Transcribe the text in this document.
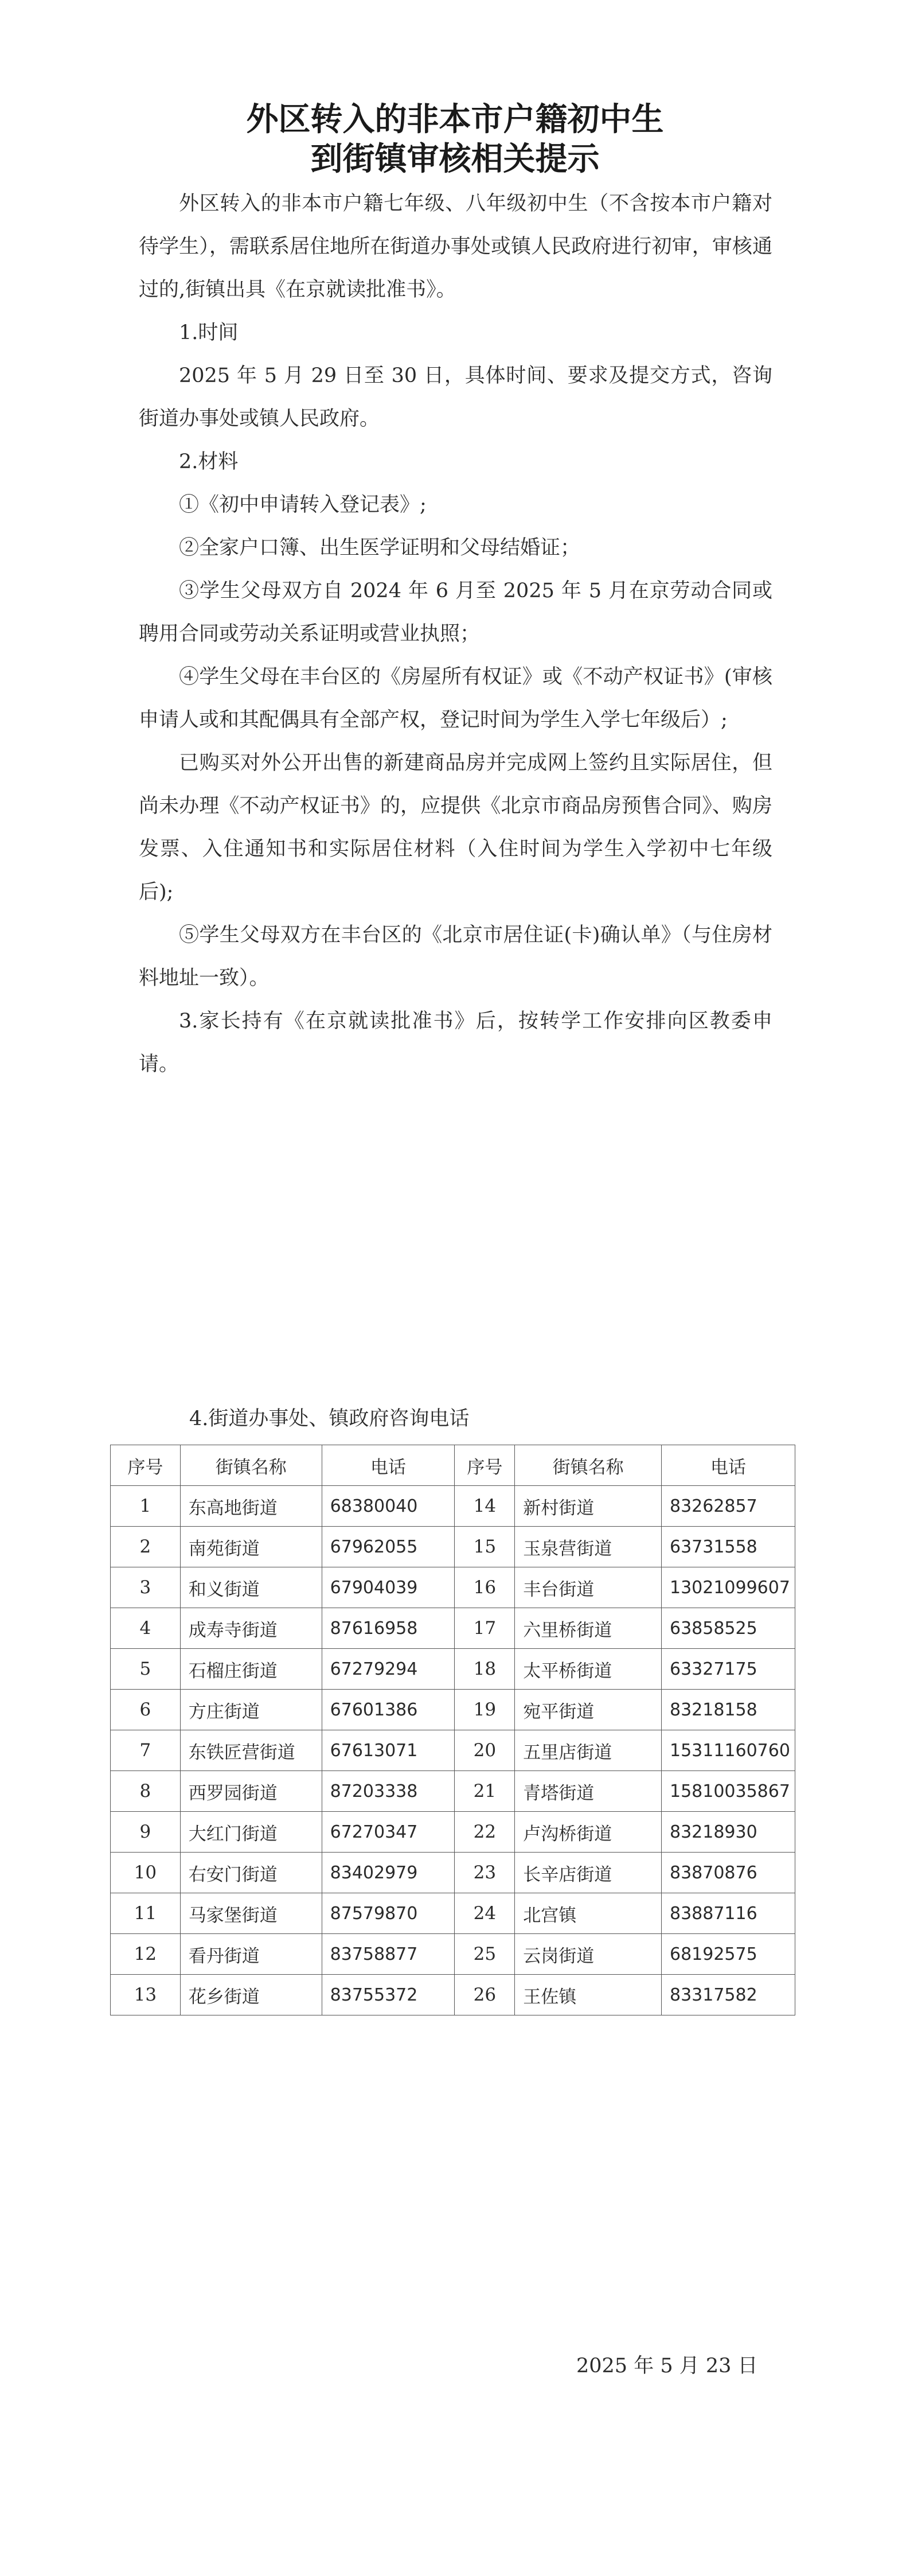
外区转入的非本市户籍初中生
到街镇审核相关提示

外区转入的非本市户籍七年级、八年级初中生（不含按本市户籍对待学生），需联系居住地所在街道办事处或镇人民政府进行初审，审核通过的,街镇出具《在京就读批准书》。

1.时间

2025 年 5 月 29 日至 30 日，具体时间、要求及提交方式，咨询街道办事处或镇人民政府。

2.材料

①《初中申请转入登记表》;

②全家户口簿、出生医学证明和父母结婚证；

③学生父母双方自 2024 年 6 月至 2025 年 5 月在京劳动合同或聘用合同或劳动关系证明或营业执照；

④学生父母在丰台区的《房屋所有权证》或《不动产权证书》(审核申请人或和其配偶具有全部产权，登记时间为学生入学七年级后）;

已购买对外公开出售的新建商品房并完成网上签约且实际居住，但尚未办理《不动产权证书》的，应提供《北京市商品房预售合同》、购房发票、入住通知书和实际居住材料（入住时间为学生入学初中七年级后);

⑤学生父母双方在丰台区的《北京市居住证(卡)确认单》（与住房材料地址一致）。

3.家长持有《在京就读批准书》后，按转学工作安排向区教委申请。

4.街道办事处、镇政府咨询电话
序号	街镇名称	电话	序号	街镇名称	电话
1	东高地街道	68380040	14	新村街道	83262857
2	南苑街道	67962055	15	玉泉营街道	63731558
3	和义街道	67904039	16	丰台街道	13021099607
4	成寿寺街道	87616958	17	六里桥街道	63858525
5	石榴庄街道	67279294	18	太平桥街道	63327175
6	方庄街道	67601386	19	宛平街道	83218158
7	东铁匠营街道	67613071	20	五里店街道	15311160760
8	西罗园街道	87203338	21	青塔街道	15810035867
9	大红门街道	67270347	22	卢沟桥街道	83218930
10	右安门街道	83402979	23	长辛店街道	83870876
11	马家堡街道	87579870	24	北宫镇	83887116
12	看丹街道	83758877	25	云岗街道	68192575
13	花乡街道	83755372	26	王佐镇	83317582
2025 年 5 月 23 日
